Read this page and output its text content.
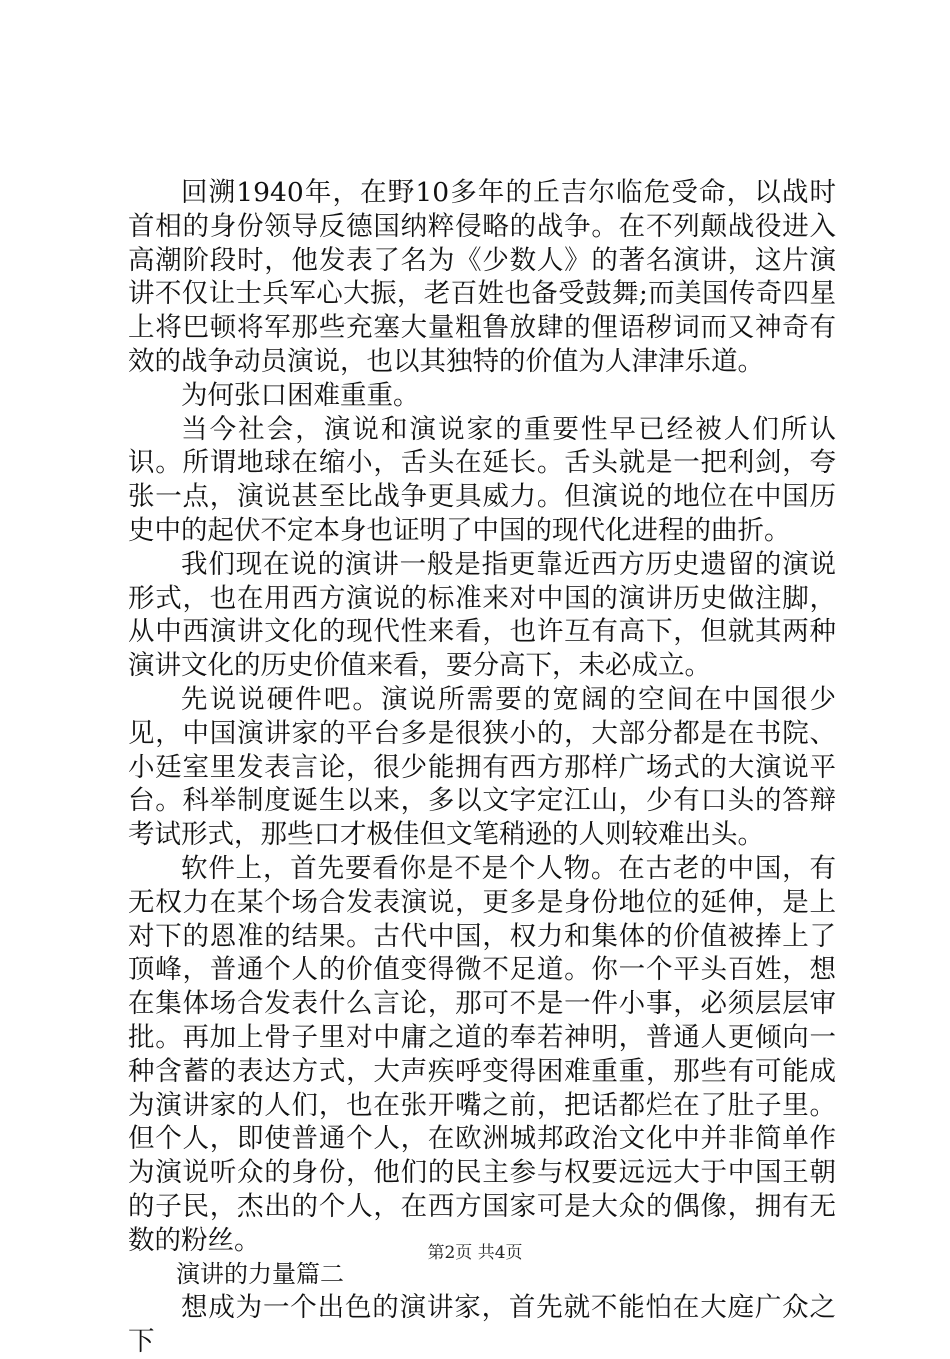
回溯1940年，在野10多年的丘吉尔临危受命，以战时首相的身份领导反德国纳粹侵略的战争。在不列颠战役进入高潮阶段时，他发表了名为《少数人》的著名演讲，这片演讲不仅让士兵军心大振，老百姓也备受鼓舞;而美国传奇四星上将巴顿将军那些充塞大量粗鲁放肆的俚语秽词而又神奇有效的战争动员演说，也以其独特的价值为人津津乐道。

为何张口困难重重。

当今社会，演说和演说家的重要性早已经被人们所认识。所谓地球在缩小，舌头在延长。舌头就是一把利剑，夸张一点，演说甚至比战争更具威力。但演说的地位在中国历史中的起伏不定本身也证明了中国的现代化进程的曲折。

我们现在说的演讲一般是指更靠近西方历史遗留的演说形式，也在用西方演说的标准来对中国的演讲历史做注脚，从中西演讲文化的现代性来看，也许互有高下，但就其两种演讲文化的历史价值来看，要分高下，未必成立。

先说说硬件吧。演说所需要的宽阔的空间在中国很少见，中国演讲家的平台多是很狭小的，大部分都是在书院、小廷室里发表言论，很少能拥有西方那样广场式的大演说平台。科举制度诞生以来，多以文字定江山，少有口头的答辩考试形式，那些口才极佳但文笔稍逊的人则较难出头。

软件上，首先要看你是不是个人物。在古老的中国，有无权力在某个场合发表演说，更多是身份地位的延伸，是上对下的恩准的结果。古代中国，权力和集体的价值被捧上了顶峰，普通个人的价值变得微不足道。你一个平头百姓，想在集体场合发表什么言论，那可不是一件小事，必须层层审批。再加上骨子里对中庸之道的奉若神明，普通人更倾向一种含蓄的表达方式，大声疾呼变得困难重重，那些有可能成为演讲家的人们，也在张开嘴之前，把话都烂在了肚子里。但个人，即使普通个人，在欧洲城邦政治文化中并非简单作为演说听众的身份，他们的民主参与权要远远大于中国王朝的子民，杰出的个人，在西方国家可是大众的偶像，拥有无数的粉丝。

演讲的力量篇二

想成为一个出色的演讲家，首先就不能怕在大庭广众之下

第2页 共4页
